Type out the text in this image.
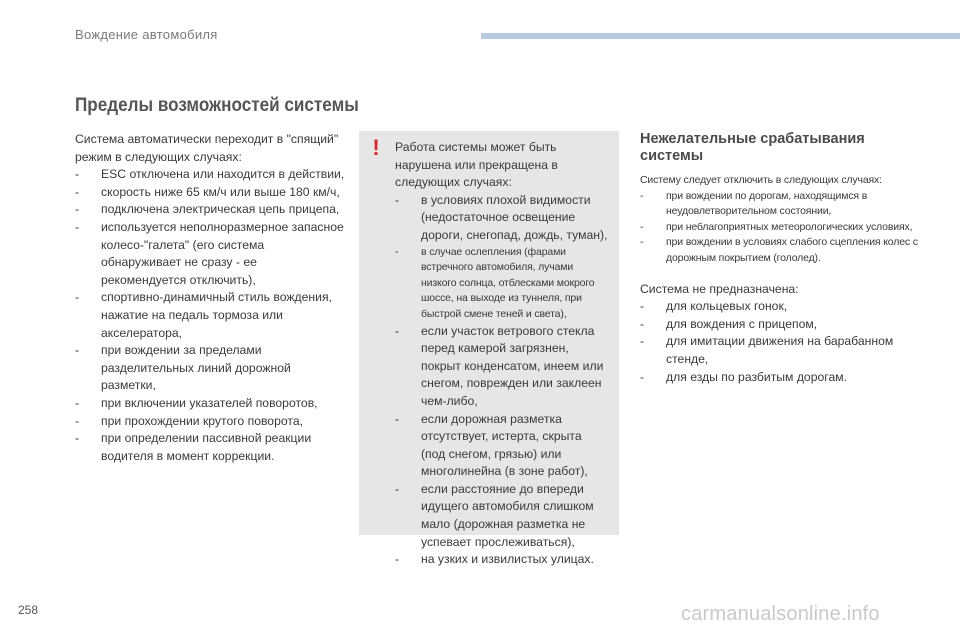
Вождение автомобиля
Пределы возможностей системы

Система автоматически переходит в "спящий" режим в следующих случаях:

- ESC отключена или находится в действии,
- скорость ниже 65 км/ч или выше 180 км/ч,
- подключена электрическая цепь прицепа,
- используется неполноразмерное запасное колесо-"галета" (его система обнаруживает не сразу - ее рекомендуется отключить),
- спортивно-динамичный стиль вождения, нажатие на педаль тормоза или акселератора,
- при вождении за пределами разделительных линий дорожной разметки,
- при включении указателей поворотов,
- при прохождении крутого поворота,
- при определении пассивной реакции водителя в момент коррекции.
! Работа системы может быть нарушена или прекращена в следующих случаях:

- в условиях плохой видимости (недостаточное освещение дороги, снегопад, дождь, туман),
- в случае ослепления (фарами встречного автомобиля, лучами низкого солнца, отблесками мокрого шоссе, на выходе из туннеля, при быстрой смене теней и света),
- если участок ветрового стекла перед камерой загрязнен, покрыт конденсатом, инеем или снегом, поврежден или заклеен чем-либо,
- если дорожная разметка отсутствует, истерта, скрыта (под снегом, грязью) или многолинейна (в зоне работ),
- если расстояние до впереди идущего автомобиля слишком мало (дорожная разметка не успевает прослеживаться),
- на узких и извилистых улицах.
Нежелательные срабатывания системы

Систему следует отключить в следующих случаях:

- при вождении по дорогам, находящимся в неудовлетворительном состоянии,
- при неблагоприятных метеорологических условиях,
- при вождении в условиях слабого сцепления колес с дорожным покрытием (гололед).

Система не предназначена:

- для кольцевых гонок,
- для вождения с прицепом,
- для имитации движения на барабанном стенде,
- для езды по разбитым дорогам.
258	carmanualsonline.info
